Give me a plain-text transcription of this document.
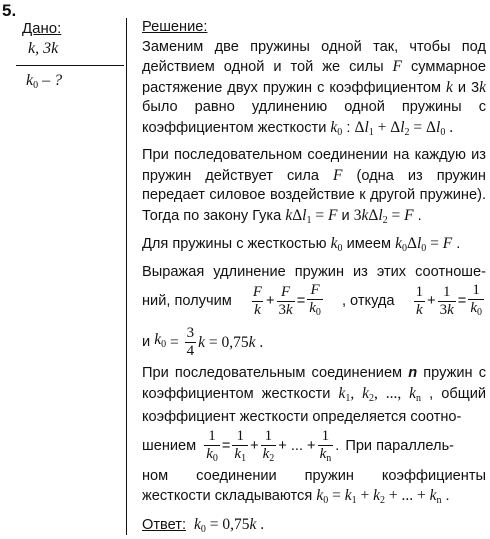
5.
Дано:
k, 3k
$k_0$ – ?
Решение:

Заменим две пружины одной так, чтобы под действием одной и той же силы F суммарное растяжение двух пружин с коэффициентом k и 3k было равно удлинению одной пружины с коэффициентом жесткости $k_0$ : $\Delta l_1 + \Delta l_2 = \Delta l_0$ .

При последовательном соединении на каждую из пружин действует сила F (одна из пружин передает силовое воздействие к другой пружине). Тогда по закону Гука kΔl$_1$ = F и 3kΔl$_2$ = F .

Для пружины с жесткостью $k_0$ имеем $k_0\Delta l_0 = F$ .

Выражая удлинение пружин из этих соотноше-

ний, получим $\frac{F}{k} + \frac{F}{3k} = \frac{F}{k_0}$ , откуда $\frac{1}{k} + \frac{1}{3k} = \frac{1}{k_0}$
и $k_0 = \frac{3}{4}$ k = 0,75k .

При последовательным соединением n пружин с коэффициентом жесткости $k_1$, $k_2$, ..., $k_n$ , общий коэффициент жесткости определяется соотно-

шением $\frac{1}{k_0} = \frac{1}{k_1} + \frac{1}{k_2}$ + ... + $\frac{1}{k_n}$ . При параллель-

ном соединении пружин коэффициенты жесткости складываются $k_0 = k_1 + k_2$ + ... + $k_n$ .

Ответ: $k_0 = 0,75k$ .
